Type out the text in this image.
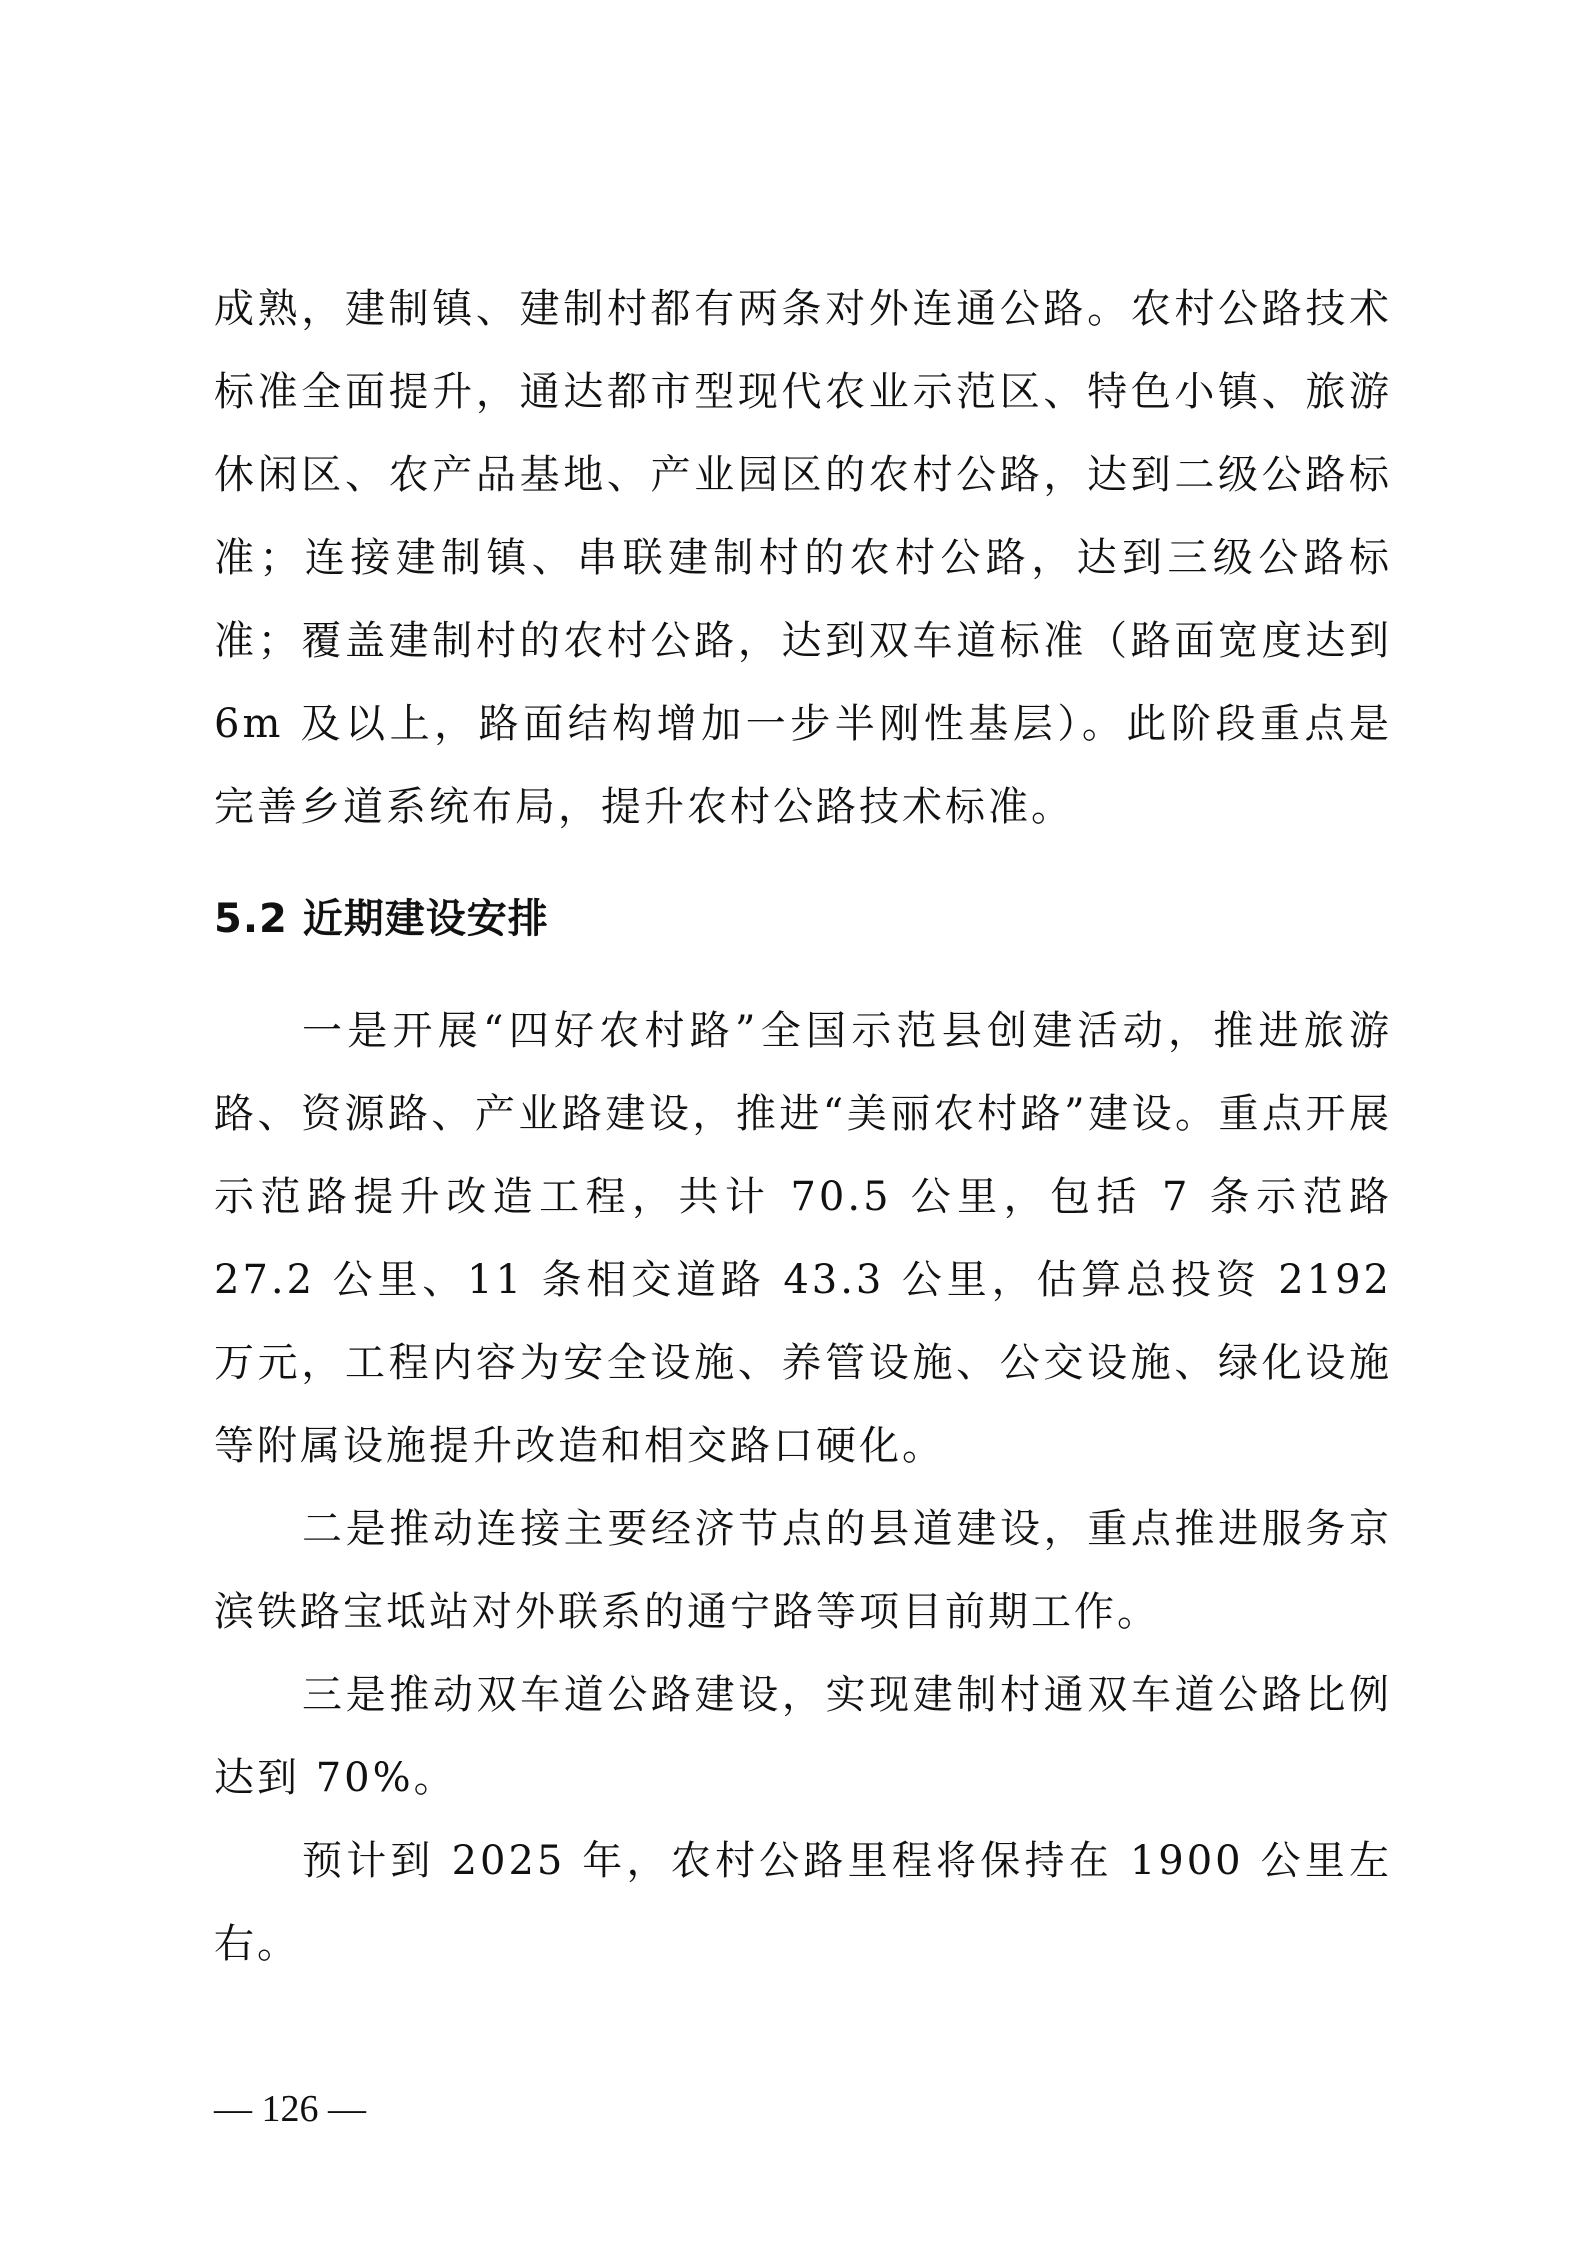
成熟，建制镇、建制村都有两条对外连通公路。农村公路技术标准全面提升，通达都市型现代农业示范区、特色小镇、旅游休闲区、农产品基地、产业园区的农村公路，达到二级公路标准；连接建制镇、串联建制村的农村公路，达到三级公路标准；覆盖建制村的农村公路，达到双车道标准（路面宽度达到 6m 及以上，路面结构增加一步半刚性基层）。此阶段重点是完善乡道系统布局，提升农村公路技术标准。

5.2 近期建设安排

一是开展“四好农村路”全国示范县创建活动，推进旅游路、资源路、产业路建设，推进“美丽农村路”建设。重点开展示范路提升改造工程，共计 70.5 公里，包括 7 条示范路 27.2 公里、11 条相交道路 43.3 公里，估算总投资 2192 万元，工程内容为安全设施、养管设施、公交设施、绿化设施等附属设施提升改造和相交路口硬化。

二是推动连接主要经济节点的县道建设，重点推进服务京滨铁路宝坻站对外联系的通宁路等项目前期工作。

三是推动双车道公路建设，实现建制村通双车道公路比例达到 70%。

预计到 2025 年，农村公路里程将保持在 1900 公里左右。

— 126 —
